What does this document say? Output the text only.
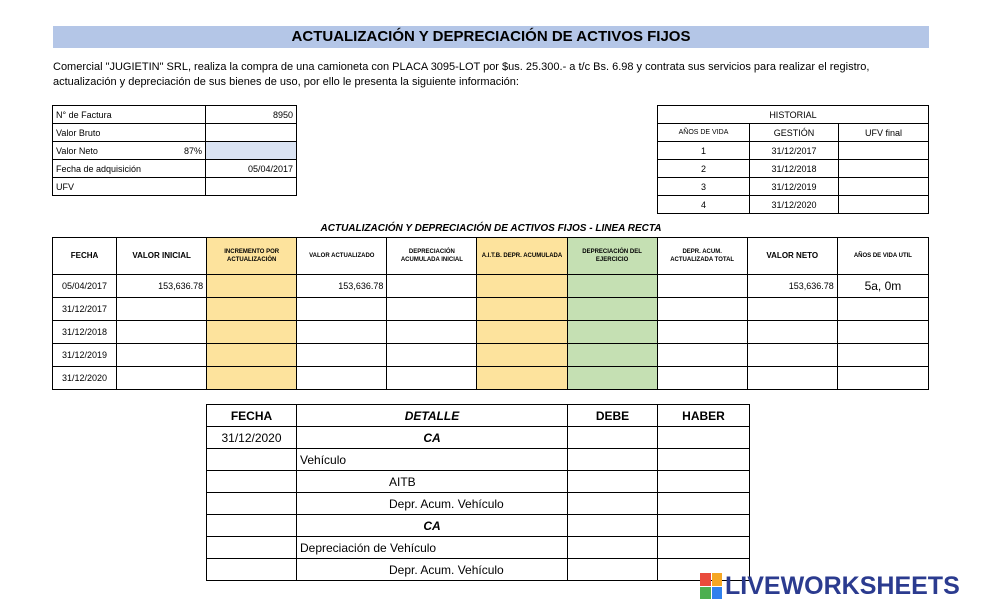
ACTUALIZACIÓN Y DEPRECIACIÓN DE ACTIVOS FIJOS
Comercial "JUGIETIN" SRL, realiza la compra de una camioneta con PLACA 3095-LOT por $us. 25.300.- a t/c Bs. 6.98 y contrata sus servicios para realizar el registro, actualización y depreciación de sus bienes de uso, por ello le presenta la siguiente información:
N° de Factura	8950
Valor Bruto	
Valor Neto 87%	

Fecha de adquisición	05/04/2017
UFV	
HISTORIAL		
AÑOS DE VIDA	GESTIÓN	UFV final
1	31/12/2017	
2	31/12/2018	
3	31/12/2019	
4	31/12/2020	
ACTUALIZACIÓN Y DEPRECIACIÓN DE ACTIVOS FIJOS - LINEA RECTA
FECHA	VALOR INICIAL	INCREMENTO POR ACTUALIZACIÓN	VALOR ACTUALIZADO	DEPRECIACIÓN ACUMULADA INICIAL	A.I.T.B. DEPR. ACUMULADA	DEPRECIACIÓN DEL EJERCICIO	DEPR. ACUM. ACTUALIZADA TOTAL	VALOR NETO	AÑOS DE VIDA UTIL
05/04/2017	153,636.78		153,636.78					153,636.78	5a, 0m
31/12/2017									
31/12/2018									
31/12/2019									
31/12/2020									
FECHA	DETALLE	DEBE	HABER
31/12/2020	CA		
	Vehículo		
	AITB		
	Depr. Acum. Vehículo		
	CA		
	Depreciación de Vehículo		
	Depr. Acum. Vehículo		
LIVEWORKSHEETS
